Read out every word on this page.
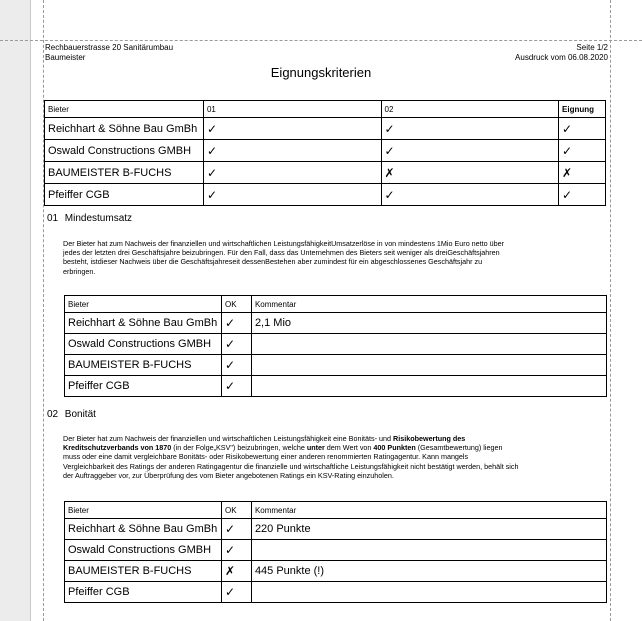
Rechbauerstrasse 20 Sanitärumbau
Baumeister
Seite 1/2
Ausdruck vom 06.08.2020
Eignungskriterien
Bieter	01	02	Eignung
Reichhart & Söhne Bau GmBh	✓	✓	✓
Oswald Constructions GMBH	✓	✓	✓
BAUMEISTER B-FUCHS	✓	✗	✗
Pfeiffer CGB	✓	✓	✓
01 Mindestumsatz
Der Bieter hat zum Nachweis der finanziellen und wirtschaftlichen LeistungsfähigkeitUmsatzerlöse in von mindestens 1Mio Euro netto über
jedes der letzten drei Geschäftsjahre beizubringen. Für den Fall, dass das Unternehmen des Bieters seit weniger als dreiGeschäftsjahren
besteht, istdieser Nachweis über die Geschäftsjahreseit dessenBestehen aber zumindest für ein abgeschlossenes Geschäftsjahr zu
erbringen.
Bieter	OK	Kommentar
Reichhart & Söhne Bau GmBh	✓	2,1 Mio
Oswald Constructions GMBH	✓	
BAUMEISTER B-FUCHS	✓	
Pfeiffer CGB	✓	
02 Bonität
Der Bieter hat zum Nachweis der finanziellen und wirtschaftlichen Leistungsfähigkeit eine Bonitäts- und Risikobewertung des
Kreditschutzverbands von 1870 (in der Folge„KSV") beizubringen, welche unter dem Wert von 400 Punkten (Gesamtbewertung) liegen
muss oder eine damit vergleichbare Bonitäts- oder Risikobewertung einer anderen renommierten Ratingagentur. Kann mangels
Vergleichbarkeit des Ratings der anderen Ratingagentur die finanzielle und wirtschaftliche Leistungsfähigkeit nicht bestätigt werden, behält sich
der Auftraggeber vor, zur Überprüfung des vom Bieter angebotenen Ratings ein KSV-Rating einzuholen.
Bieter	OK	Kommentar
Reichhart & Söhne Bau GmBh	✓	220 Punkte
Oswald Constructions GMBH	✓	
BAUMEISTER B-FUCHS	✗	445 Punkte (!)
Pfeiffer CGB	✓	
